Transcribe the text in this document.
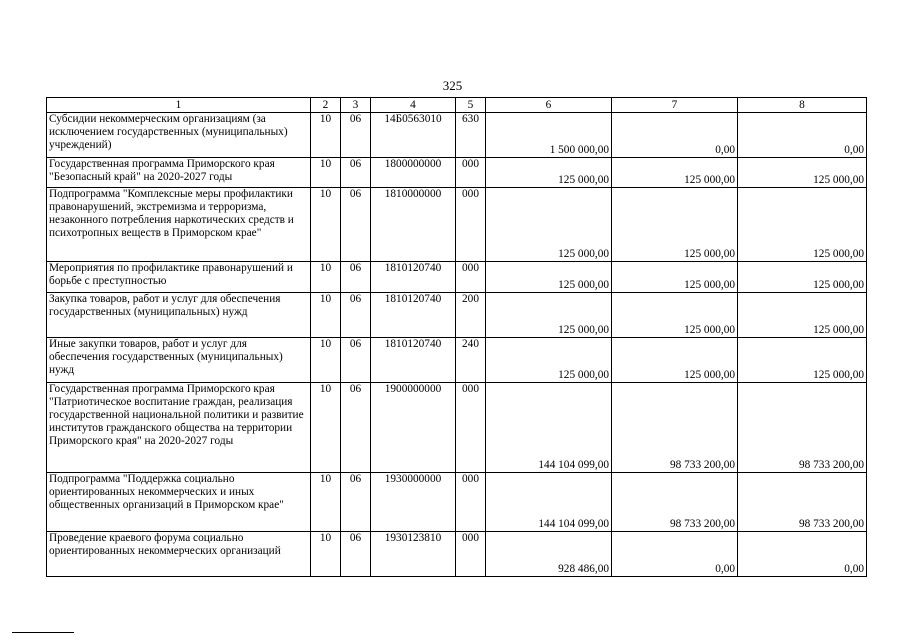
325
1	2	3	4	5	6	7	8
Субсидии некоммерческим организациям (за исключением государственных (муниципальных) учреждений)	10	06	14Б0563010	630	1 500 000,00	0,00	0,00
Государственная программа Приморского края "Безопасный край" на 2020-2027 годы	10	06	1800000000	000	125 000,00	125 000,00	125 000,00
Подпрограмма "Комплексные меры профилактики правонарушений, экстремизма и терроризма, незаконного потребления наркотических средств и психотропных веществ в Приморском крае"	10	06	1810000000	000	125 000,00	125 000,00	125 000,00
Мероприятия по профилактике правонарушений и борьбе с преступностью	10	06	1810120740	000	125 000,00	125 000,00	125 000,00
Закупка товаров, работ и услуг для обеспечения государственных (муниципальных) нужд	10	06	1810120740	200	125 000,00	125 000,00	125 000,00
Иные закупки товаров, работ и услуг для обеспечения государственных (муниципальных) нужд	10	06	1810120740	240	125 000,00	125 000,00	125 000,00
Государственная программа Приморского края "Патриотическое воспитание граждан, реализация государственной национальной политики и развитие институтов гражданского общества на территории Приморского края" на 2020-2027 годы	10	06	1900000000	000	144 104 099,00	98 733 200,00	98 733 200,00
Подпрограмма "Поддержка социально ориентированных некоммерческих и иных общественных организаций в Приморском крае"	10	06	1930000000	000	144 104 099,00	98 733 200,00	98 733 200,00
Проведение краевого форума социально ориентированных некоммерческих организаций	10	06	1930123810	000	928 486,00	0,00	0,00
